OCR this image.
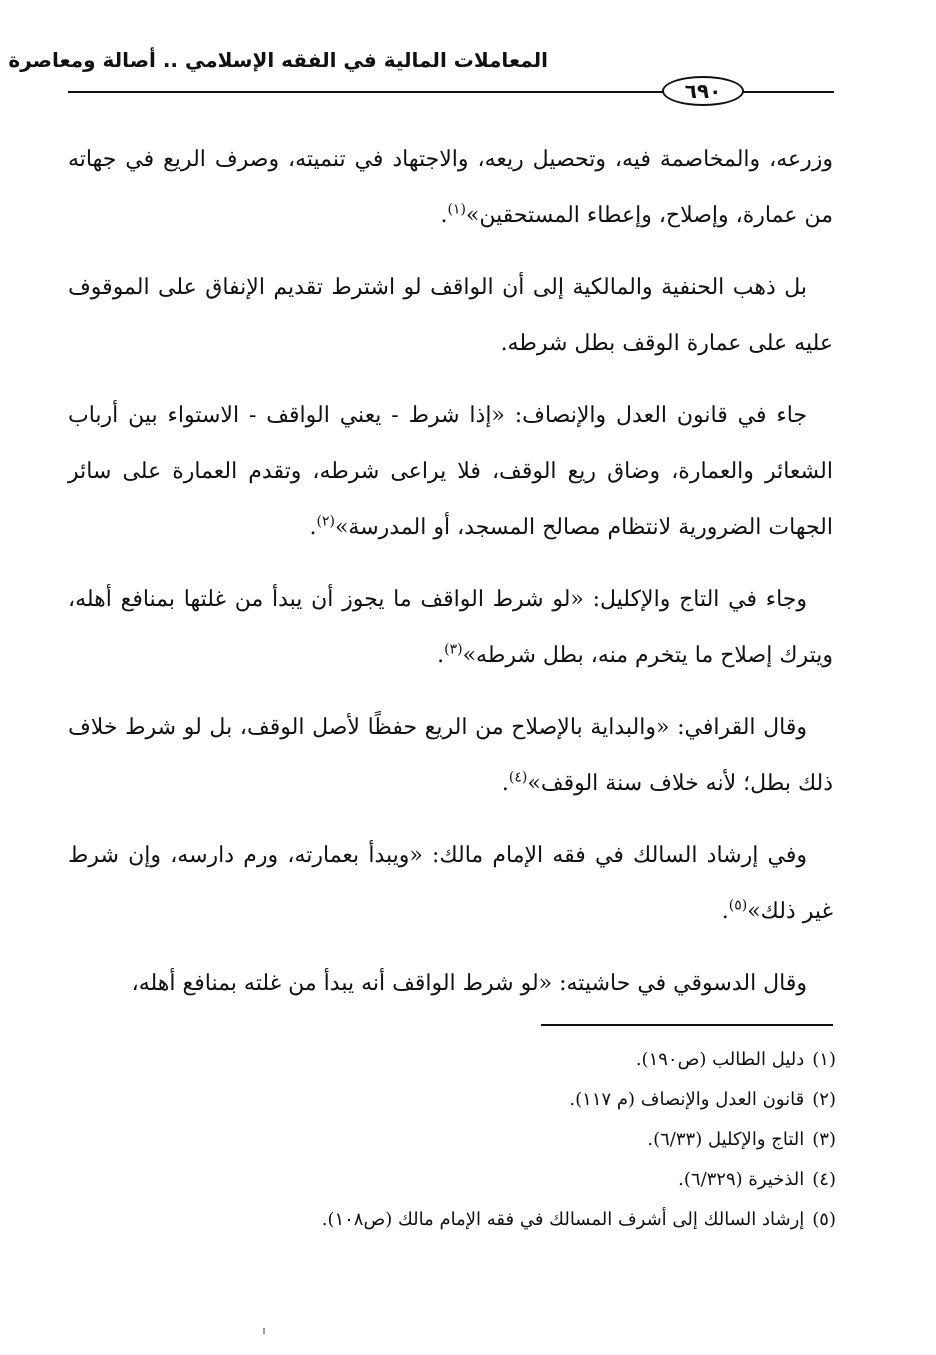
المعاملات المالية في الفقه الإسلامي .. أصالة ومعاصرة
٦٩٠

وزرعه، والمخاصمة فيه، وتحصيل ريعه، والاجتهاد في تنميته، وصرف الريع في جهاته من عمارة، وإصلاح، وإعطاء المستحقين»$^{(١)}$.

بل ذهب الحنفية والمالكية إلى أن الواقف لو اشترط تقديم الإنفاق على الموقوف عليه على عمارة الوقف بطل شرطه.

جاء في قانون العدل والإنصاف: «إذا شرط - يعني الواقف - الاستواء بين أرباب الشعائر والعمارة، وضاق ريع الوقف، فلا يراعى شرطه، وتقدم العمارة على سائر الجهات الضرورية لانتظام مصالح المسجد، أو المدرسة»$^{(٢)}$.

وجاء في التاج والإكليل: «لو شرط الواقف ما يجوز أن يبدأ من غلتها بمنافع أهله، ويترك إصلاح ما يتخرم منه، بطل شرطه»$^{(٣)}$.

وقال القرافي: «والبداية بالإصلاح من الريع حفظًا لأصل الوقف، بل لو شرط خلاف ذلك بطل؛ لأنه خلاف سنة الوقف»$^{(٤)}$.

وفي إرشاد السالك في فقه الإمام مالك: «ويبدأ بعمارته، ورم دارسه، وإن شرط غير ذلك»$^{(٥)}$.

وقال الدسوقي في حاشيته: «لو شرط الواقف أنه يبدأ من غلته بمنافع أهله،

(١)دليل الطالب (ص١٩٠).
(٢)قانون العدل والإنصاف (م ١١٧).
(٣)التاج والإكليل (٦/٣٣).
(٤)الذخيرة (٦/٣٢٩).
(٥)إرشاد السالك إلى أشرف المسالك في فقه الإمام مالك (ص١٠٨).
